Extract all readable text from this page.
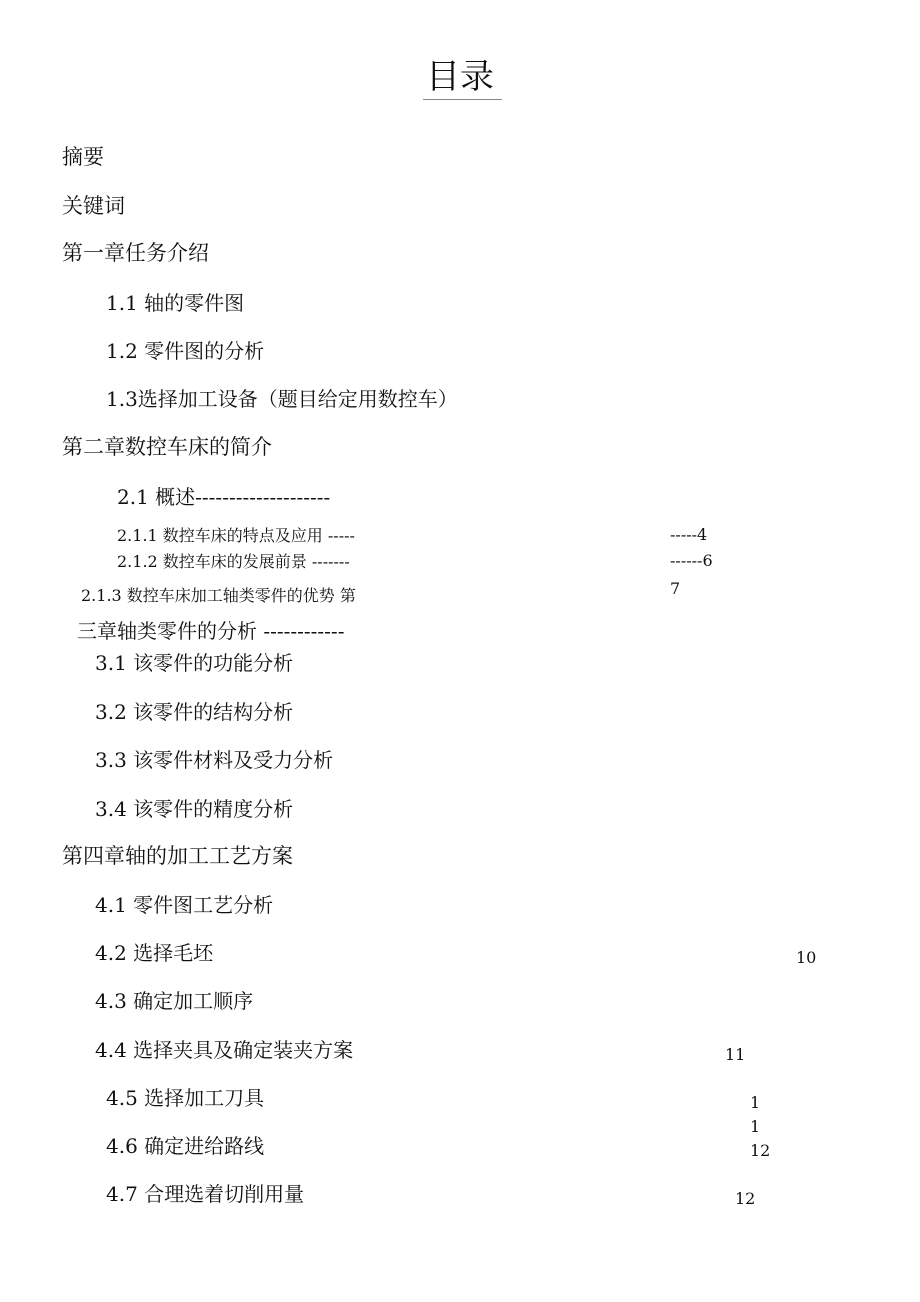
目录
摘要
关键词
第一章任务介绍
1.1 轴的零件图
1.2 零件图的分析
1.3选择加工设备（题目给定用数控车）
第二章数控车床的简介
2.1 概述--------------------
2.1.1 数控车床的特点及应用 -----
2.1.2 数控车床的发展前景 -------
2.1.3 数控车床加工轴类零件的优势 第
三章轴类零件的分析 ------------
3.1 该零件的功能分析
3.2 该零件的结构分析
3.3 该零件材料及受力分析
3.4 该零件的精度分析
第四章轴的加工工艺方案
4.1 零件图工艺分析
4.2 选择毛坯
4.3 确定加工顺序
4.4 选择夹具及确定装夹方案
4.5 选择加工刀具
4.6 确定进给路线
4.7 合理选着切削用量
-----4
------6
7
10
11
1
1
12
12
